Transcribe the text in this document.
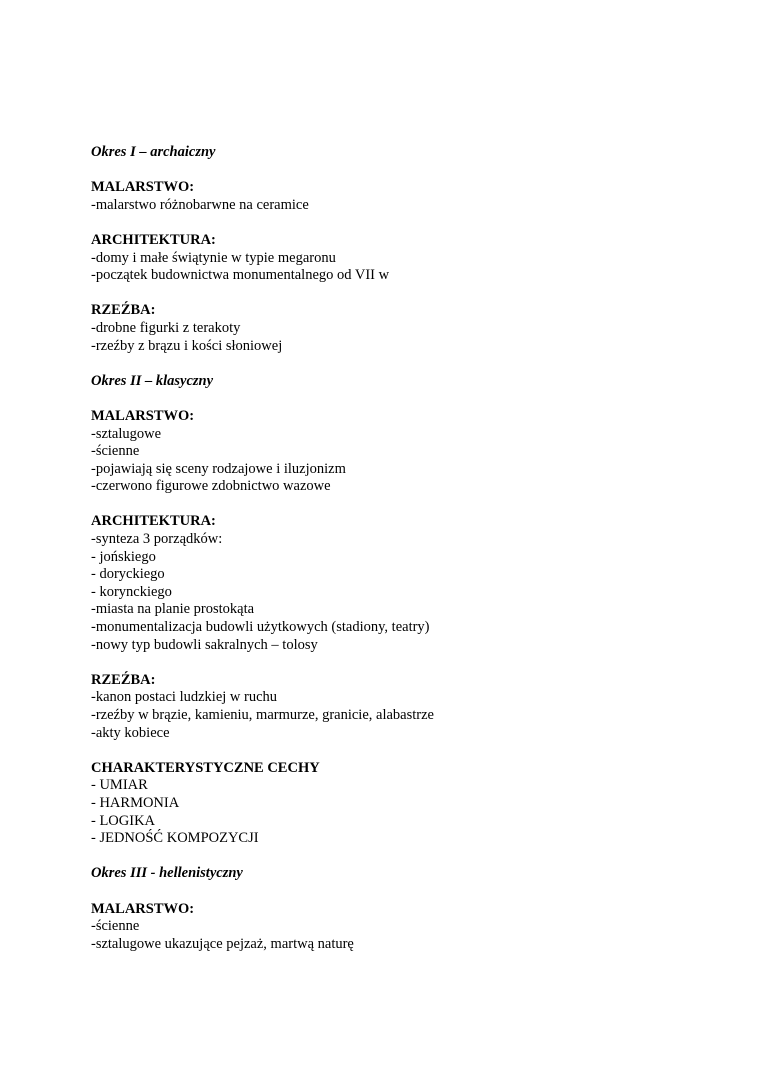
Okres I – archaiczny
MALARSTWO:
-malarstwo różnobarwne na ceramice
ARCHITEKTURA:
-domy i małe świątynie w typie megaronu
-początek budownictwa monumentalnego od VII w
RZEŹBA:
-drobne figurki z terakoty
-rzeźby z brązu i kości słoniowej
Okres II – klasyczny
MALARSTWO:
-sztalugowe
-ścienne
-pojawiają się sceny rodzajowe i iluzjonizm
-czerwono figurowe zdobnictwo wazowe
ARCHITEKTURA:
-synteza 3 porządków:
- jońskiego
- doryckiego
- korynckiego
-miasta na planie prostokąta
-monumentalizacja budowli użytkowych (stadiony, teatry)
-nowy typ budowli sakralnych – tolosy
RZEŹBA:
-kanon postaci ludzkiej w ruchu
-rzeźby w brązie, kamieniu, marmurze, granicie, alabastrze
-akty kobiece
CHARAKTERYSTYCZNE CECHY
- UMIAR
- HARMONIA
- LOGIKA
- JEDNOŚĆ KOMPOZYCJI
Okres III - hellenistyczny
MALARSTWO:
-ścienne
-sztalugowe ukazujące pejzaż, martwą naturę
